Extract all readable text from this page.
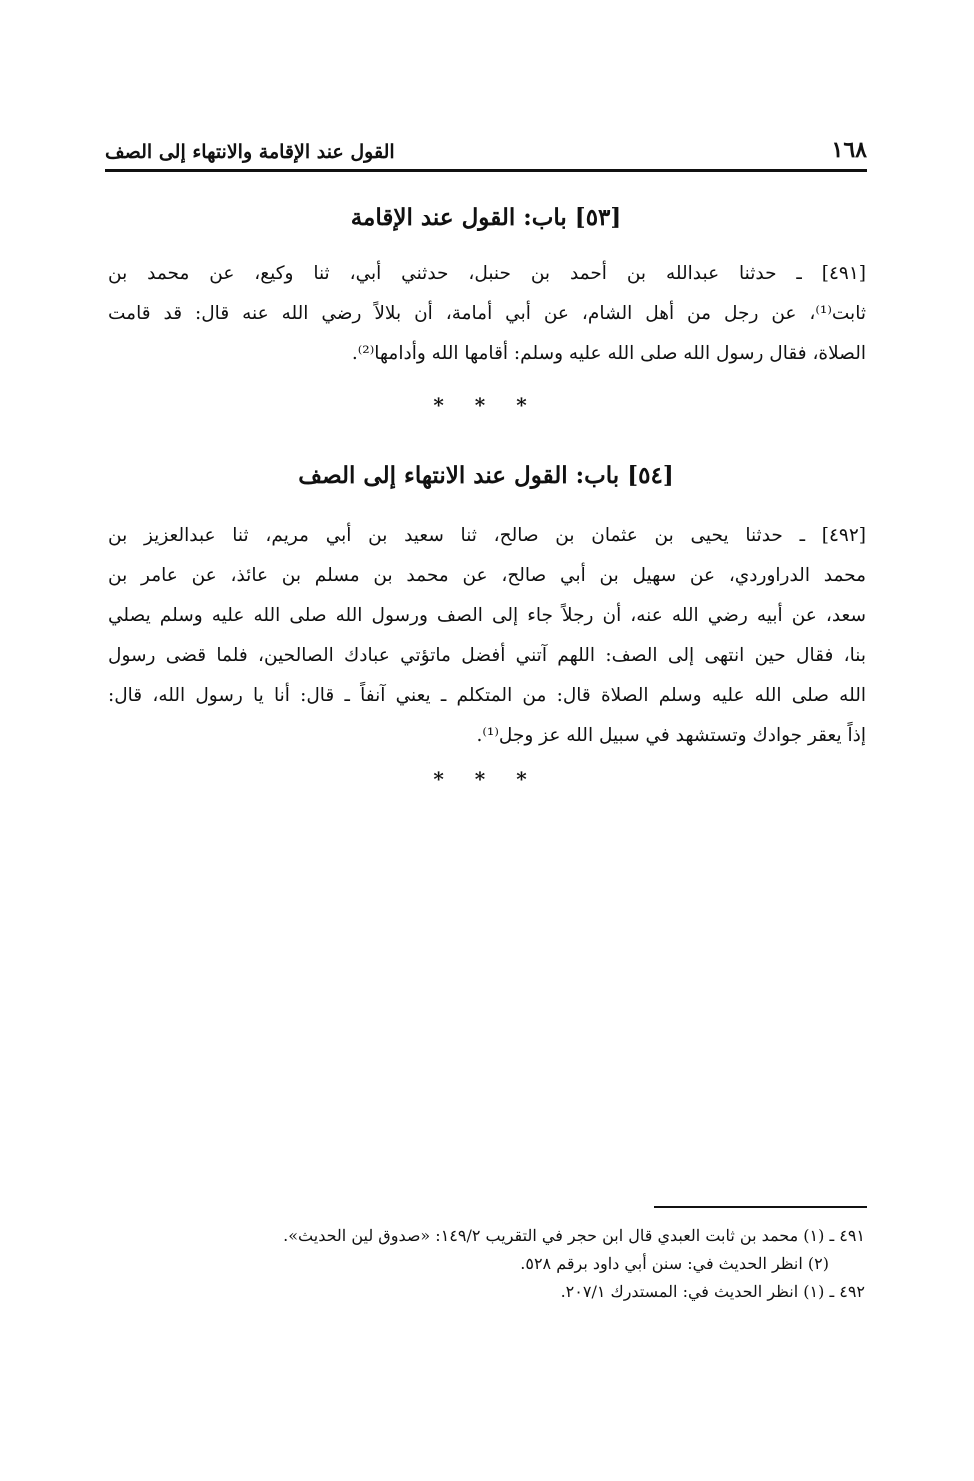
١٦٨
القول عند الإقامة والانتهاء إلى الصف
[٥٣] باب: القول عند الإقامة
[٤٩١] ـ حدثنا عبدالله بن أحمد بن حنبل، حدثني أبي، ثنا وكيع، عن محمد بن
ثابت⁽¹⁾، عن رجل من أهل الشام، عن أبي أمامة، أن بلالاً رضي الله عنه قال: قد قامت
الصلاة، فقال رسول الله صلى الله عليه وسلم: أقامها الله وأدامها⁽²⁾.
* * *
[٥٤] باب: القول عند الانتهاء إلى الصف
[٤٩٢] ـ حدثنا يحيى بن عثمان بن صالح، ثنا سعيد بن أبي مريم، ثنا عبدالعزيز بن
محمد الدراوردي، عن سهيل بن أبي صالح، عن محمد بن مسلم بن عائذ، عن عامر بن
سعد، عن أبيه رضي الله عنه، أن رجلاً جاء إلى الصف ورسول الله صلى الله عليه وسلم يصلي
بنا، فقال حين انتهى إلى الصف: اللهم آتني أفضل ماتؤتي عبادك الصالحين، فلما قضى رسول
الله صلى الله عليه وسلم الصلاة قال: من المتكلم ـ يعني آنفاً ـ قال: أنا يا رسول الله، قال:
إذاً يعقر جوادك وتستشهد في سبيل الله عز وجل⁽¹⁾.
* * *
٤٩١ ـ (١) محمد بن ثابت العبدي قال ابن حجر في التقريب ١٤٩/٢: «صدوق لين الحديث».
(٢) انظر الحديث في: سنن أبي داود برقم ٥٢٨.
٤٩٢ ـ (١) انظر الحديث في: المستدرك ٢٠٧/١.
